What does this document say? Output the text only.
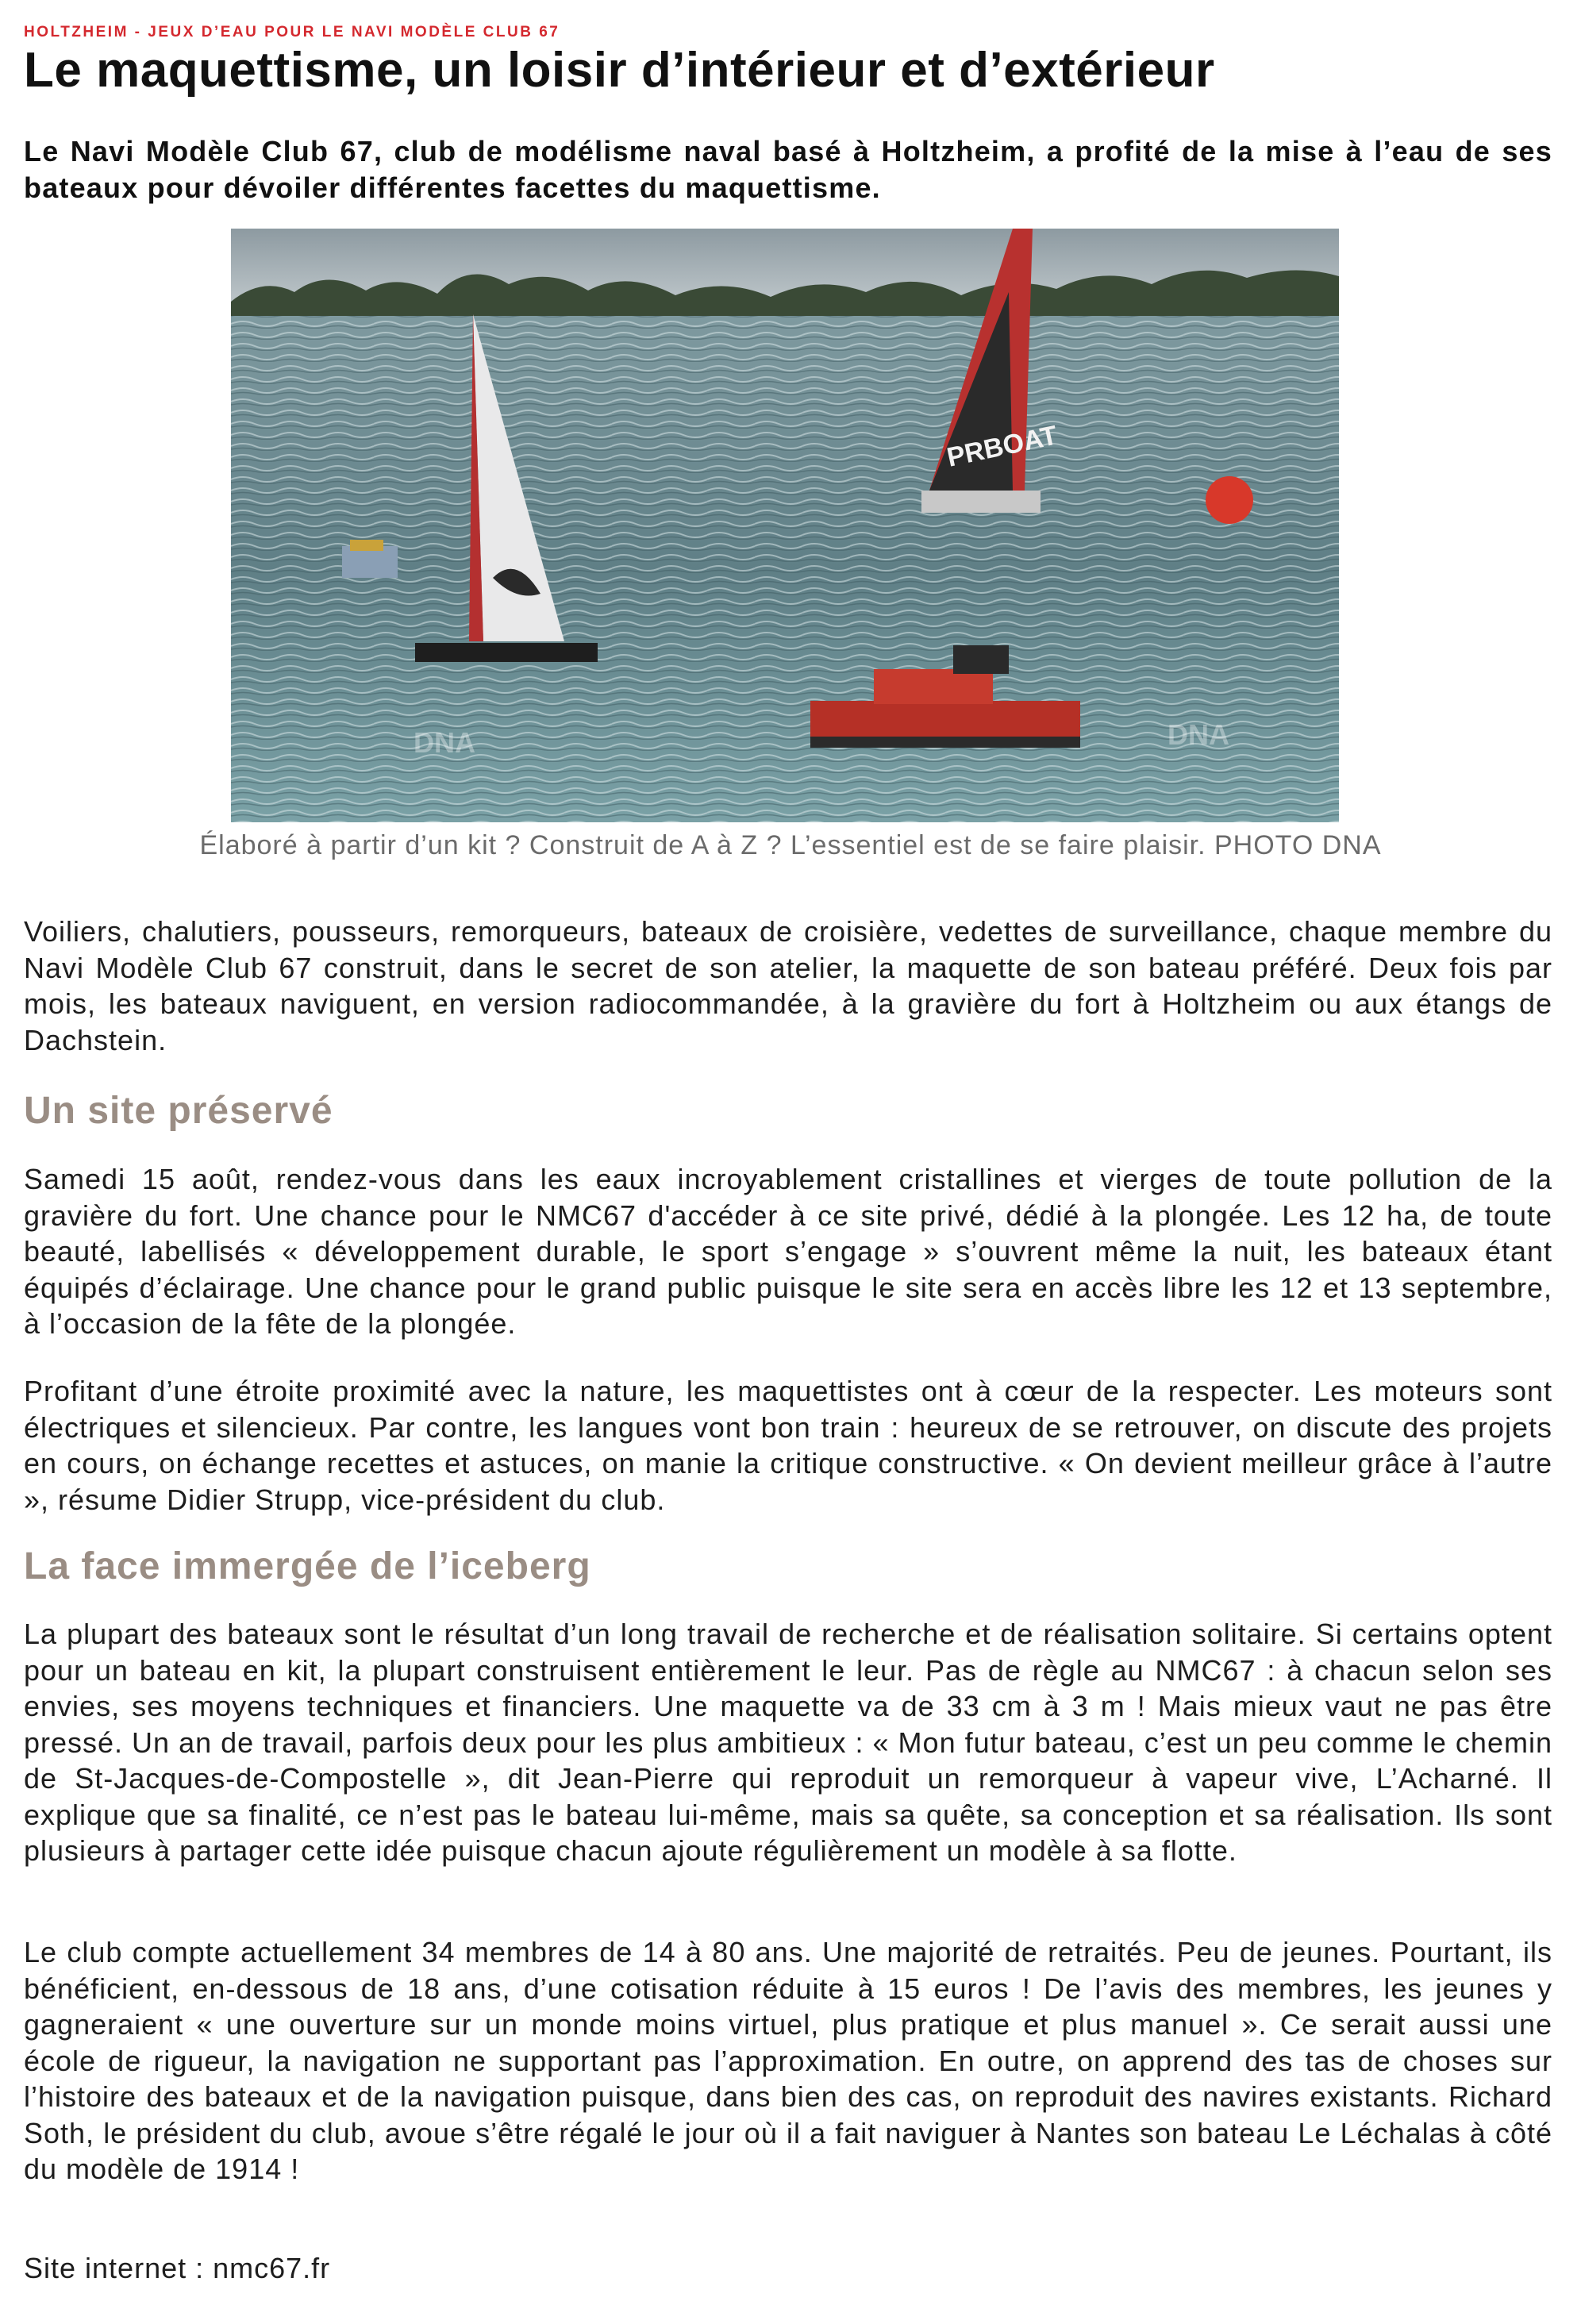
HOLTZHEIM - JEUX D’EAU POUR LE NAVI MODÈLE CLUB 67
Le maquettisme, un loisir d’intérieur et d’extérieur

Le Navi Modèle Club 67, club de modélisme naval basé à Holtzheim, a profité de la mise à l’eau de ses bateaux pour dévoiler différentes facettes du maquettisme.

PRBOAT
DNA	DNA
Élaboré à partir d’un kit ? Construit de A à Z ? L’essentiel est de se faire plaisir. PHOTO DNA

Voiliers, chalutiers, pousseurs, remorqueurs, bateaux de croisière, vedettes de surveillance, chaque membre du Navi Modèle Club 67 construit, dans le secret de son atelier, la maquette de son bateau préféré. Deux fois par mois, les bateaux naviguent, en version radiocommandée, à la gravière du fort à Holtzheim ou aux étangs de Dachstein.

Un site préservé

Samedi 15 août, rendez-vous dans les eaux incroyablement cristallines et vierges de toute pollution de la gravière du fort. Une chance pour le NMC67 d'accéder à ce site privé, dédié à la plongée. Les 12 ha, de toute beauté, labellisés « développement durable, le sport s’engage » s’ouvrent même la nuit, les bateaux étant équipés d’éclairage. Une chance pour le grand public puisque le site sera en accès libre les 12 et 13 septembre, à l’occasion de la fête de la plongée.

Profitant d’une étroite proximité avec la nature, les maquettistes ont à cœur de la respecter. Les moteurs sont électriques et silencieux. Par contre, les langues vont bon train : heureux de se retrouver, on discute des projets en cours, on échange recettes et astuces, on manie la critique constructive. « On devient meilleur grâce à l’autre », résume Didier Strupp, vice-président du club.

La face immergée de l’iceberg

La plupart des bateaux sont le résultat d’un long travail de recherche et de réalisation solitaire. Si certains optent pour un bateau en kit, la plupart construisent entièrement le leur. Pas de règle au NMC67 : à chacun selon ses envies, ses moyens techniques et financiers. Une maquette va de 33 cm à 3 m ! Mais mieux vaut ne pas être pressé. Un an de travail, parfois deux pour les plus ambitieux : « Mon futur bateau, c’est un peu comme le chemin de St-Jacques-de-Compostelle », dit Jean-Pierre qui reproduit un remorqueur à vapeur vive, L’Acharné. Il explique que sa finalité, ce n’est pas le bateau lui-même, mais sa quête, sa conception et sa réalisation. Ils sont plusieurs à partager cette idée puisque chacun ajoute régulièrement un modèle à sa flotte.

Le club compte actuellement 34 membres de 14 à 80 ans. Une majorité de retraités. Peu de jeunes. Pourtant, ils bénéficient, en-dessous de 18 ans, d’une cotisation réduite à 15 euros ! De l’avis des membres, les jeunes y gagneraient « une ouverture sur un monde moins virtuel, plus pratique et plus manuel ». Ce serait aussi une école de rigueur, la navigation ne supportant pas l’approximation. En outre, on apprend des tas de choses sur l’histoire des bateaux et de la navigation puisque, dans bien des cas, on reproduit des navires existants. Richard Soth, le président du club, avoue s’être régalé le jour où il a fait naviguer à Nantes son bateau Le Léchalas à côté du modèle de 1914 !

Site internet : nmc67.fr
